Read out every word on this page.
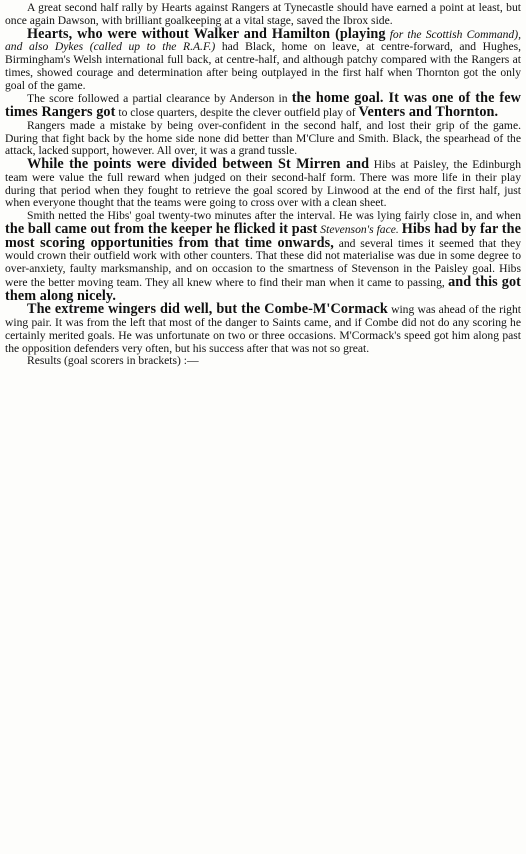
A great second half rally by Hearts against Rangers at Tynecastle should have earned a point at least, but once again Dawson, with brilliant goalkeeping at a vital stage, saved the Ibrox side.

Hearts, who were without Walker and Hamilton (playing for the Scottish Command), and also Dykes (called up to the R.A.F.) had Black, home on leave, at centre-forward, and Hughes, Birmingham's Welsh international full back, at centre-half, and although patchy compared with the Rangers at times, showed courage and determination after being outplayed in the first half when Thornton got the only goal of the game.

The score followed a partial clearance by Anderson in the home goal. It was one of the few times Rangers got to close quarters, despite the clever outfield play of Venters and Thornton.

Rangers made a mistake by being over-confident in the second half, and lost their grip of the game. During that fight back by the home side none did better than M'Clure and Smith. Black, the spearhead of the attack, lacked support, however. All over, it was a grand tussle.

While the points were divided between St Mirren and Hibs at Paisley, the Edinburgh team were value the full reward when judged on their second-half form. There was more life in their play during that period when they fought to retrieve the goal scored by Linwood at the end of the first half, just when everyone thought that the teams were going to cross over with a clean sheet.

Smith netted the Hibs' goal twenty-two minutes after the interval. He was lying fairly close in, and when the ball came out from the keeper he flicked it past Stevenson's face. Hibs had by far the most scoring opportunities from that time onwards, and several times it seemed that they would crown their outfield work with other counters. That these did not materialise was due in some degree to over-anxiety, faulty marksmanship, and on occasion to the smartness of Stevenson in the Paisley goal. Hibs were the better moving team. They all knew where to find their man when it came to passing, and this got them along nicely.

The extreme wingers did well, but the Combe-M'Cormack wing was ahead of the right wing pair. It was from the left that most of the danger to Saints came, and if Combe did not do any scoring he certainly merited goals. He was unfortunate on two or three occasions. M'Cormack's speed got him along past the opposition defenders very often, but his success after that was not so great.

Results (goal scorers in brackets) :—
